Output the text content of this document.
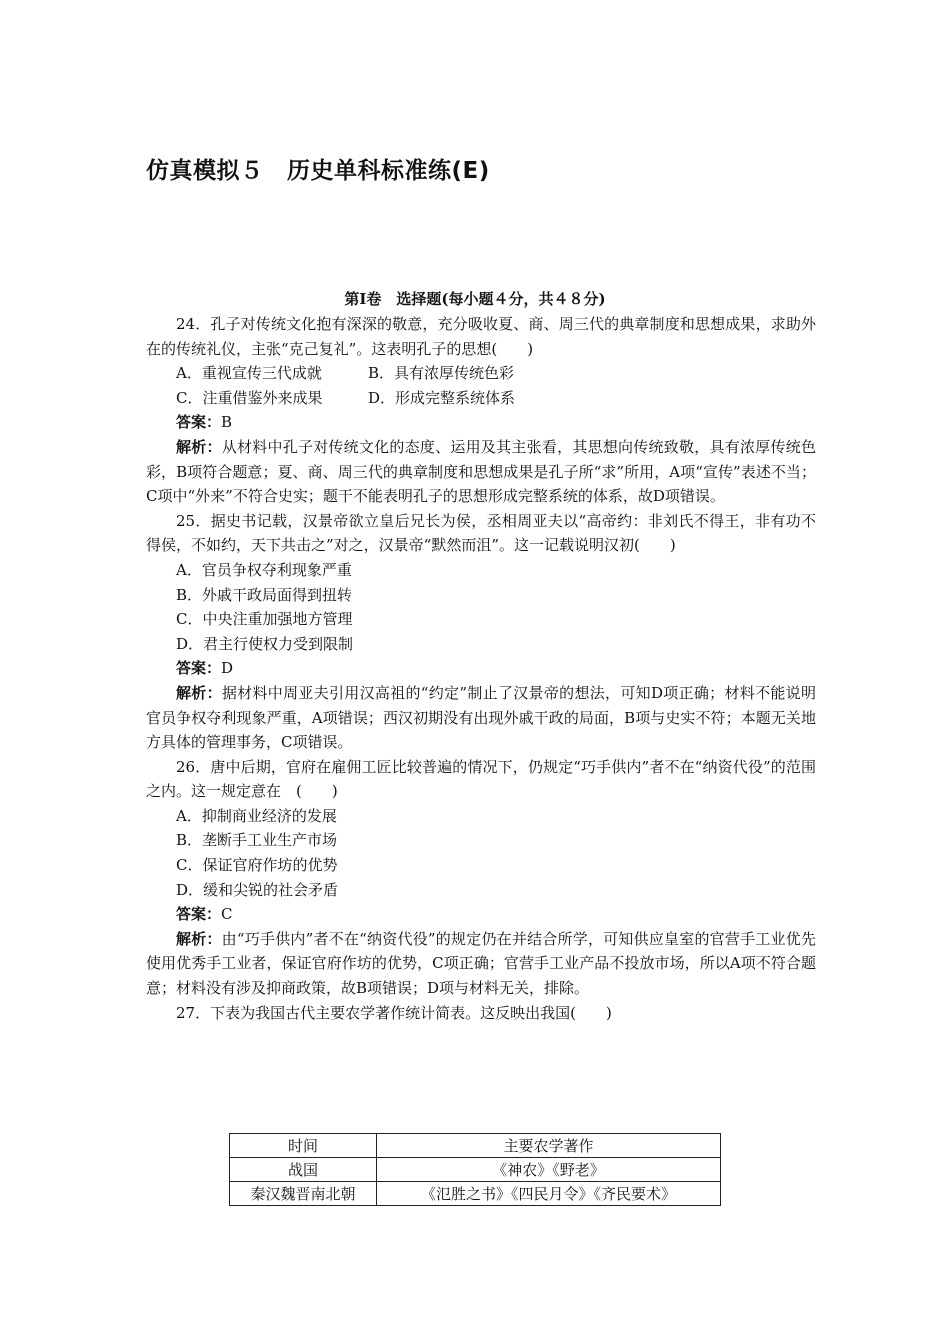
仿真模拟５　历史单科标准练(E)
第Ⅰ卷　选择题(每小题４分，共４８分)

24．孔子对传统文化抱有深深的敬意，充分吸收夏、商、周三代的典章制度和思想成果，求助外在的传统礼仪，主张“克己复礼”。这表明孔子的思想(　　)

A．重视宣传三代成就	B．具有浓厚传统色彩

C．注重借鉴外来成果	D．形成完整系统体系

答案：B

解析：从材料中孔子对传统文化的态度、运用及其主张看，其思想向传统致敬，具有浓厚传统色彩，B项符合题意；夏、商、周三代的典章制度和思想成果是孔子所“求”所用，A项“宣传”表述不当；C项中“外来”不符合史实；题干不能表明孔子的思想形成完整系统的体系，故D项错误。

25．据史书记载，汉景帝欲立皇后兄长为侯，丞相周亚夫以“高帝约：非刘氏不得王，非有功不得侯，不如约，天下共击之”对之，汉景帝“默然而沮”。这一记载说明汉初(　　)

A．官员争权夺利现象严重

B．外戚干政局面得到扭转

C．中央注重加强地方管理

D．君主行使权力受到限制

答案：D

解析：据材料中周亚夫引用汉高祖的“约定”制止了汉景帝的想法，可知D项正确；材料不能说明官员争权夺利现象严重，A项错误；西汉初期没有出现外戚干政的局面，B项与史实不符；本题无关地方具体的管理事务，C项错误。

26．唐中后期，官府在雇佣工匠比较普遍的情况下，仍规定“巧手供内”者不在“纳资代役”的范围之内。这一规定意在　(　　)

A．抑制商业经济的发展

B．垄断手工业生产市场

C．保证官府作坊的优势

D．缓和尖锐的社会矛盾

答案：C

解析：由“巧手供内”者不在“纳资代役”的规定仍在并结合所学，可知供应皇室的官营手工业优先使用优秀手工业者，保证官府作坊的优势，C项正确；官营手工业产品不投放市场，所以A项不符合题意；材料没有涉及抑商政策，故B项错误；D项与材料无关，排除。

27．下表为我国古代主要农学著作统计简表。这反映出我国(　　)

时间	主要农学著作
战国	《神农》《野老》
秦汉魏晋南北朝	《氾胜之书》《四民月令》《齐民要术》
